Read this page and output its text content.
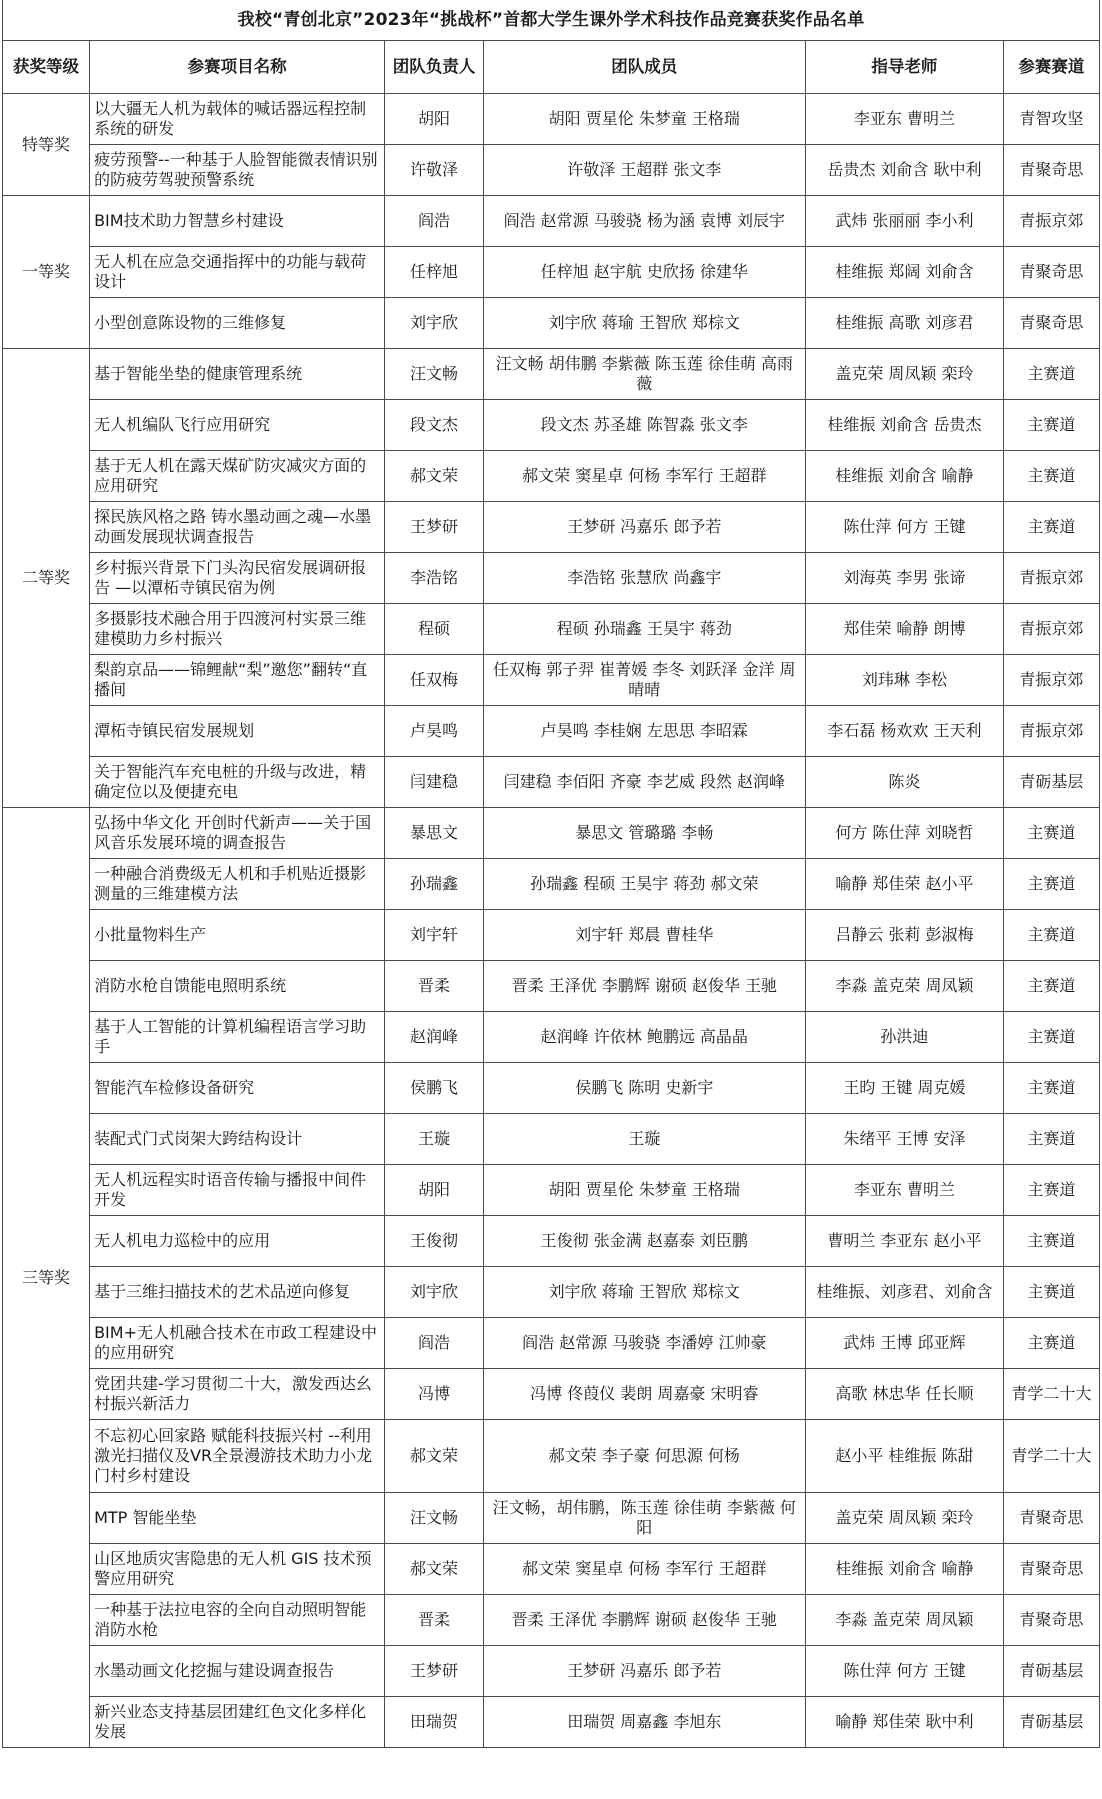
我校“青创北京”2023年“挑战杯”首都大学生课外学术科技作品竞赛获奖作品名单					
获奖等级	参赛项目名称	团队负责人	团队成员	指导老师	参赛赛道
特等奖	以大疆无人机为载体的喊话器远程控制系统的研发	胡阳	胡阳 贾星伦 朱梦童 王格瑞	李亚东 曹明兰	青智攻坚
	疲劳预警--一种基于人脸智能微表情识别的防疲劳驾驶预警系统	许敬泽	许敬泽 王超群 张文李	岳贵杰 刘俞含 耿中利	青聚奇思
一等奖	BIM技术助力智慧乡村建设	阎浩	阎浩 赵常源 马骏骁 杨为涵 袁博 刘辰宇	武炜 张丽丽 李小利	青振京郊
	无人机在应急交通指挥中的功能与载荷设计	任梓旭	任梓旭 赵宇航 史欣扬 徐建华	桂维振 郑阔 刘俞含	青聚奇思
	小型创意陈设物的三维修复	刘宇欣	刘宇欣 蒋瑜 王智欣 郑棕文	桂维振 高歌 刘彦君	青聚奇思
二等奖	基于智能坐垫的健康管理系统	汪文畅	汪文畅 胡伟鹏 李紫薇 陈玉莲 徐佳萌 高雨薇	盖克荣 周凤颖 栾玲	主赛道
	无人机编队飞行应用研究	段文杰	段文杰 苏圣雄 陈智淼 张文李	桂维振 刘俞含 岳贵杰	主赛道
	基于无人机在露天煤矿防灾减灾方面的应用研究	郝文荣	郝文荣 窦星卓 何杨 李军行 王超群	桂维振 刘俞含 喻静	主赛道
	探民族风格之路 铸水墨动画之魂—水墨动画发展现状调查报告	王梦研	王梦研 冯嘉乐 郎予若	陈仕萍 何方 王键	主赛道
	乡村振兴背景下门头沟民宿发展调研报告 —以潭柘寺镇民宿为例	李浩铭	李浩铭 张慧欣 尚鑫宇	刘海英 李男 张谛	青振京郊
	多摄影技术融合用于四渡河村实景三维建模助力乡村振兴	程硕	程硕 孙瑞鑫 王昊宇 蒋劲	郑佳荣 喻静 朗博	青振京郊
	梨韵京品——锦鲤献“梨”邀您”翻转“直播间	任双梅	任双梅 郭子羿 崔菁媛 李冬 刘跃泽 金洋 周晴晴	刘玮琳 李松	青振京郊
	潭柘寺镇民宿发展规划	卢昊鸣	卢昊鸣 李桂娴 左思思 李昭霖	李石磊 杨欢欢 王天利	青振京郊
	关于智能汽车充电桩的升级与改进，精确定位以及便捷充电	闫建稳	闫建稳 李佰阳 齐豪 李艺威 段然 赵润峰	陈炎	青砺基层
三等奖	弘扬中华文化 开创时代新声——关于国风音乐发展环境的调查报告	暴思文	暴思文 管璐璐 李畅	何方 陈仕萍 刘晓哲	主赛道
	一种融合消费级无人机和手机贴近摄影测量的三维建模方法	孙瑞鑫	孙瑞鑫 程硕 王昊宇 蒋劲 郝文荣	喻静 郑佳荣 赵小平	主赛道
	小批量物料生产	刘宇轩	刘宇轩 郑晨 曹桂华	吕静云 张莉 彭淑梅	主赛道
	消防水枪自馈能电照明系统	晋柔	晋柔 王泽优 李鹏辉 谢硕 赵俊华 王驰	李淼 盖克荣 周凤颖	主赛道
	基于人工智能的计算机编程语言学习助手	赵润峰	赵润峰 许依林 鲍鹏远 高晶晶	孙洪迪	主赛道
	智能汽车检修设备研究	侯鹏飞	侯鹏飞 陈明 史新宇	王昀 王键 周克媛	主赛道
	装配式门式岗架大跨结构设计	王璇	王璇	朱绪平 王博 安泽	主赛道
	无人机远程实时语音传输与播报中间件开发	胡阳	胡阳 贾星伦 朱梦童 王格瑞	李亚东 曹明兰	主赛道
	无人机电力巡检中的应用	王俊彻	王俊彻 张金满 赵嘉泰 刘臣鹏	曹明兰 李亚东 赵小平	主赛道
	基于三维扫描技术的艺术品逆向修复	刘宇欣	刘宇欣 蒋瑜 王智欣 郑棕文	桂维振、刘彦君、刘俞含	主赛道
	BIM+无人机融合技术在市政工程建设中的应用研究	阎浩	阎浩 赵常源 马骏骁 李潘婷 江帅豪	武炜 王博 邱亚辉	主赛道
	党团共建-学习贯彻二十大，激发西达幺村振兴新活力	冯博	冯博 佟葭仪 裴朗 周嘉豪 宋明睿	高歌 林忠华 任长顺	青学二十大
	不忘初心回家路 赋能科技振兴村 --利用激光扫描仪及VR全景漫游技术助力小龙门村乡村建设	郝文荣	郝文荣 李子豪 何思源 何杨	赵小平 桂维振 陈甜	青学二十大
	MTP 智能坐垫	汪文畅	汪文畅，胡伟鹏，陈玉莲 徐佳萌 李紫薇 何阳	盖克荣 周凤颖 栾玲	青聚奇思
	山区地质灾害隐患的无人机 GIS 技术预警应用研究	郝文荣	郝文荣 窦星卓 何杨 李军行 王超群	桂维振 刘俞含 喻静	青聚奇思
	一种基于法拉电容的全向自动照明智能消防水枪	晋柔	晋柔 王泽优 李鹏辉 谢硕 赵俊华 王驰	李淼 盖克荣 周凤颖	青聚奇思
	水墨动画文化挖掘与建设调查报告	王梦研	王梦研 冯嘉乐 郎予若	陈仕萍 何方 王键	青砺基层
	新兴业态支持基层团建红色文化多样化发展	田瑞贺	田瑞贺 周嘉鑫 李旭东	喻静 郑佳荣 耿中利	青砺基层
